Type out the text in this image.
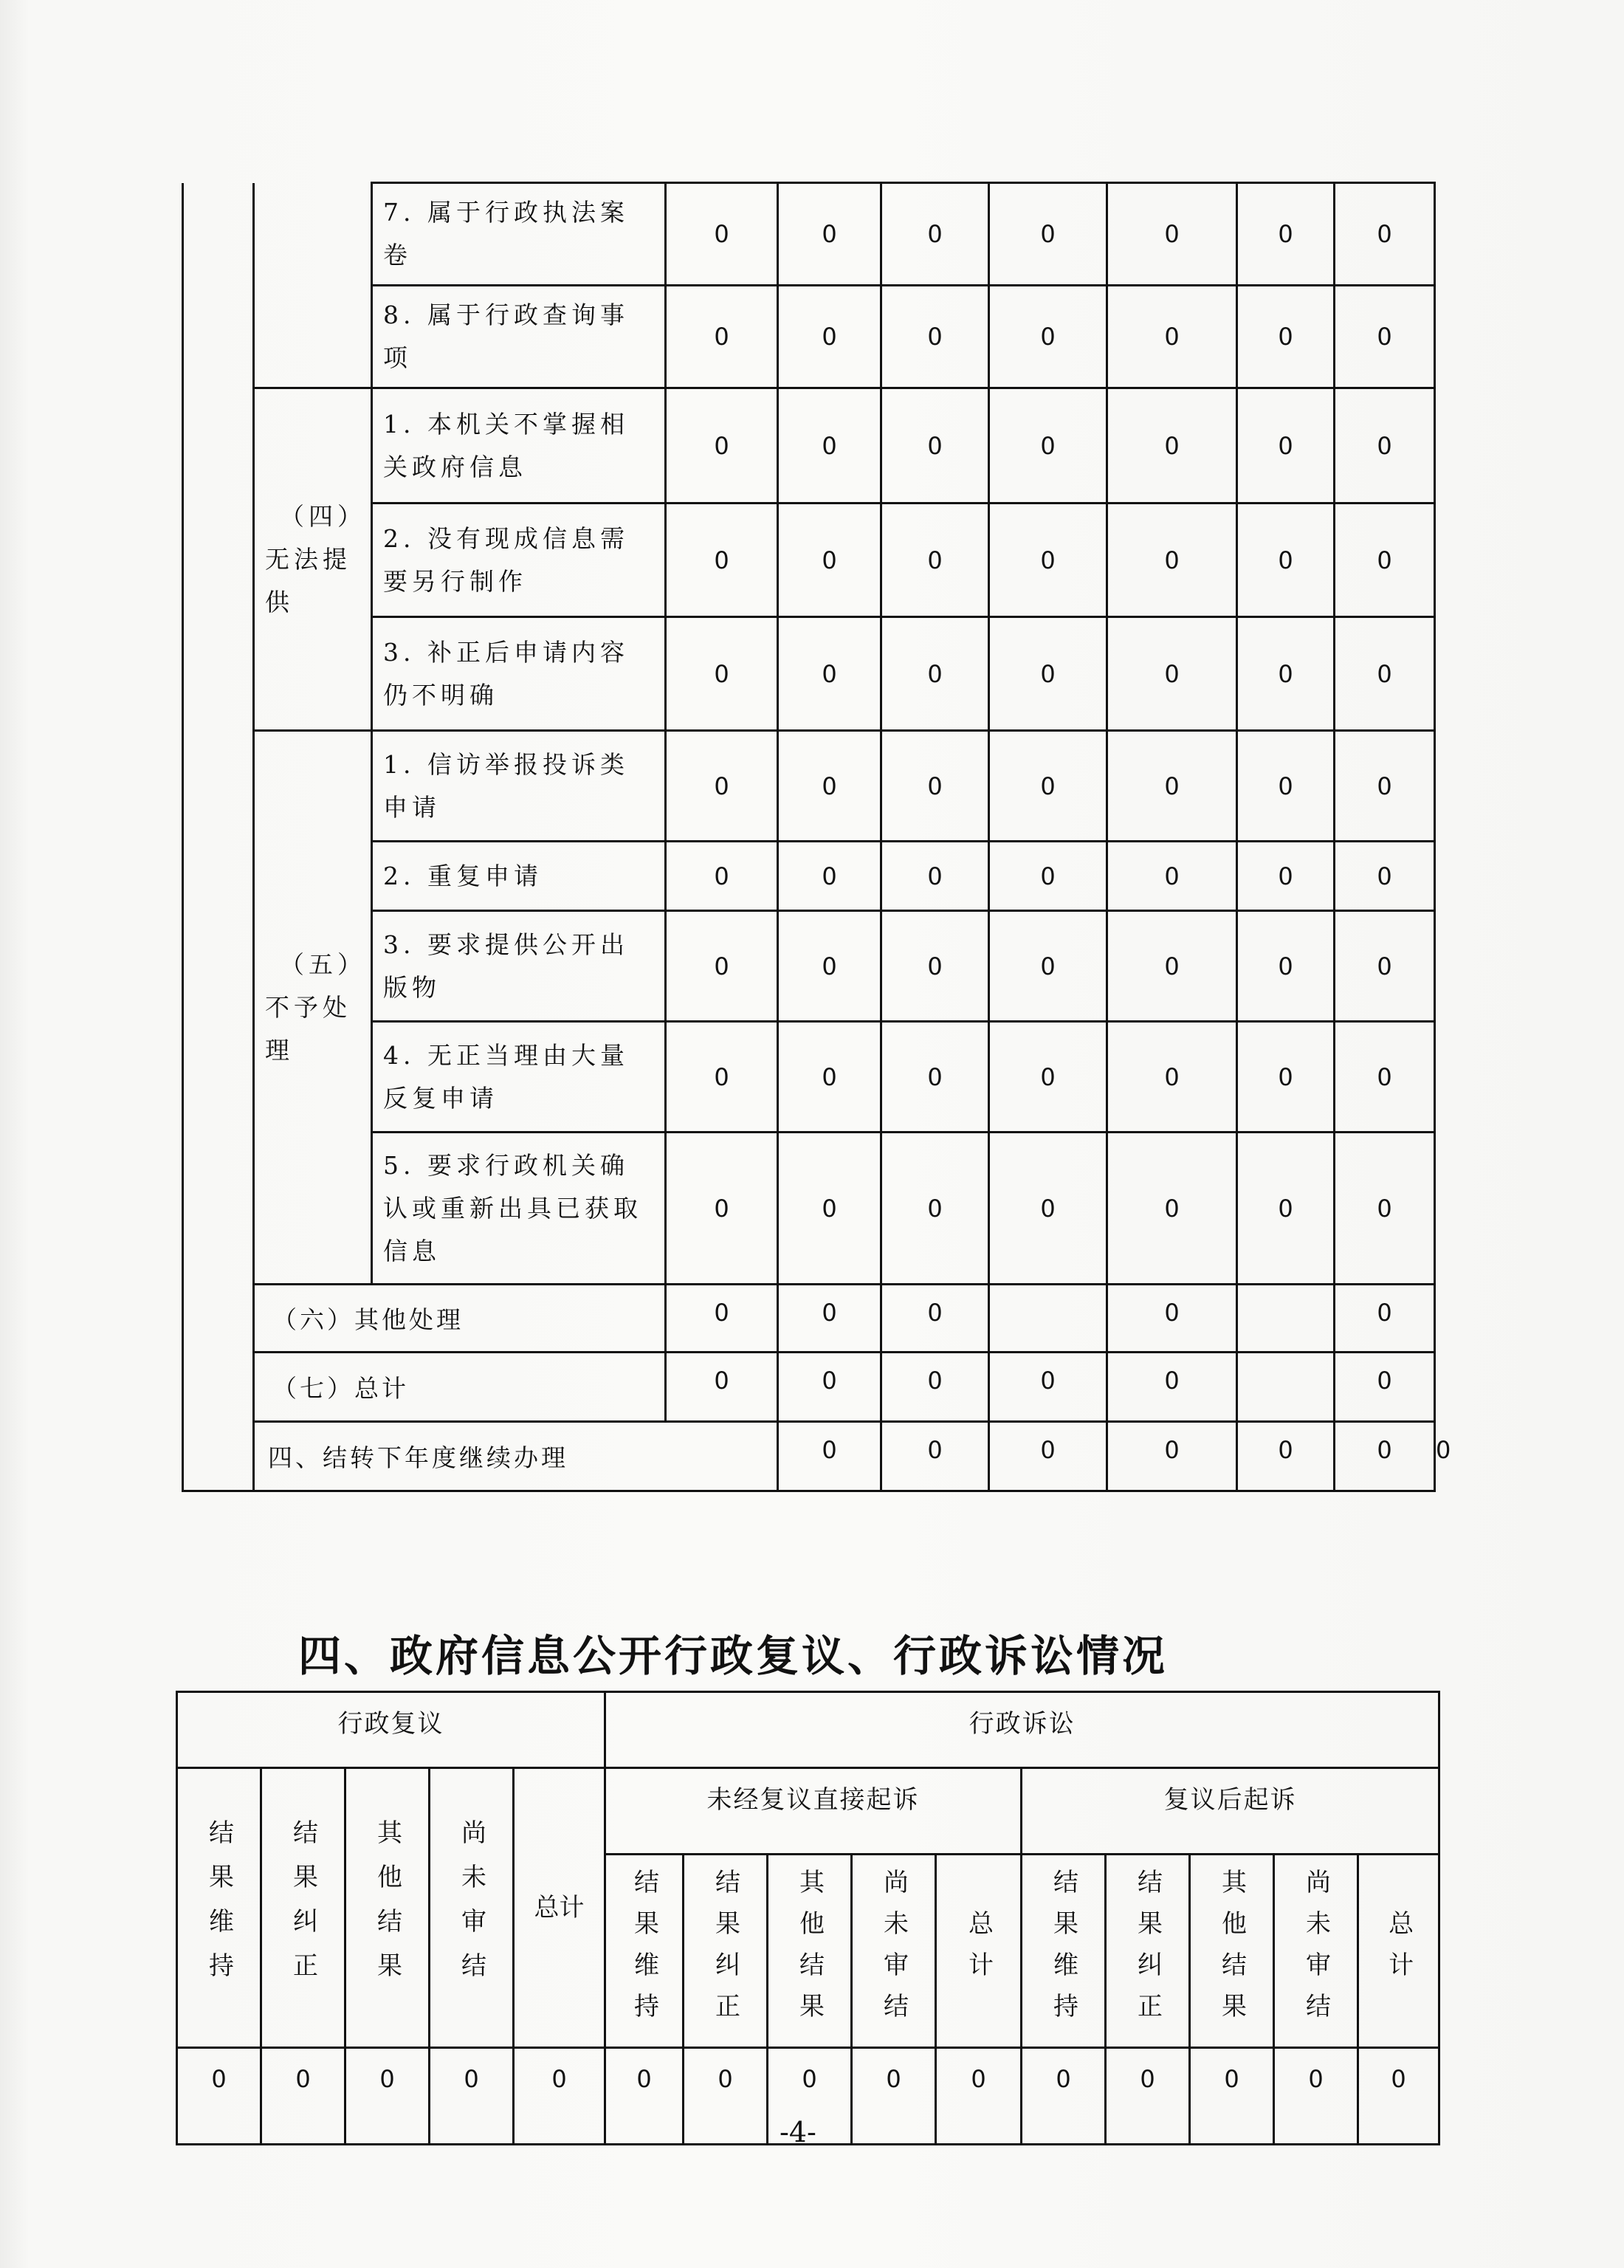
		7. 属于行政执法案卷	0	0	0	0	0	0	0	
		8. 属于行政查询事项	0	0	0	0	0	0	0	

	（四）
无法提
供	1. 本机关不掌握相关政府信息	0	0	0	0	0	0	0	
		2. 没有现成信息需要另行制作	0	0	0	0	0	0	0	
		3. 补正后申请内容仍不明确	0	0	0	0	0	0	0	

	（五）
不予处
理	1. 信访举报投诉类申请	0	0	0	0	0	0	0	
		2. 重复申请	0	0	0	0	0	0	0	
		3. 要求提供公开出版物	0	0	0	0	0	0	0	
		4. 无正当理由大量反复申请	0	0	0	0	0	0	0	
		5. 要求行政机关确认或重新出具已获取信息	0	0	0	0	0	0	0	
	（六）其他处理		0	0	0		0		0	
	（七）总计		0	0	0	0	0		0	
	四、结转下年度继续办理			0	0	0	0	0	0	0
四、政府信息公开行政复议、行政诉讼情况
行政复议					行政诉讼									

结果维持	结果纠正	其他结果	尚未审结	总计	未经复议直接起诉					复议后起诉				

					结果维持	结果纠正	其他结果	尚未审结	总计	结果维持	结果纠正	其他结果	尚未审结	总计

0	0	0	0	0	0	0	0	0	0	0	0	0	0	0
-4-
